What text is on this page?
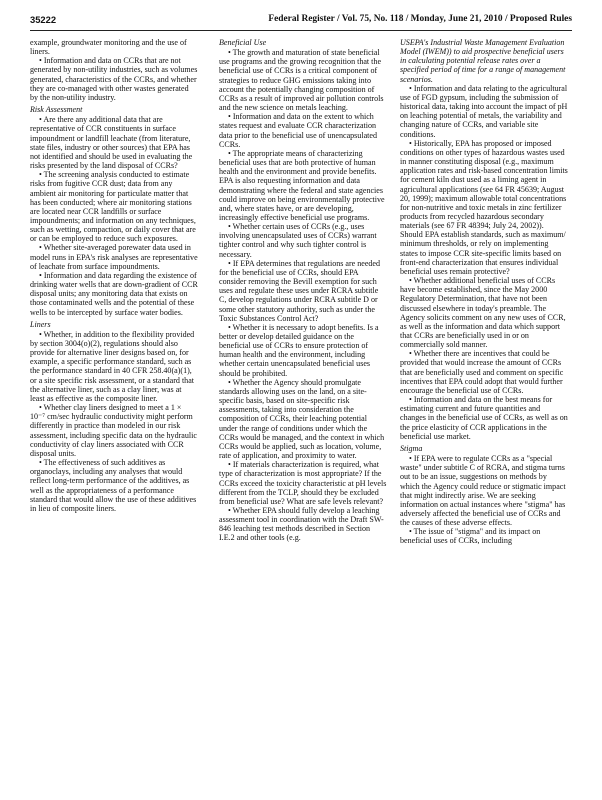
35222	Federal Register / Vol. 75, No. 118 / Monday, June 21, 2010 / Proposed Rules

example, groundwater monitoring and the use of liners.

• Information and data on CCRs that are not generated by non-utility industries, such as volumes generated, characteristics of the CCRs, and whether they are co-managed with other wastes generated by the non-utility industry.

Risk Assessment

• Are there any additional data that are representative of CCR constituents in surface impoundment or landfill leachate (from literature, state files, industry or other sources) that EPA has not identified and should be used in evaluating the risks presented by the land disposal of CCRs?

• The screening analysis conducted to estimate risks from fugitive CCR dust; data from any ambient air monitoring for particulate matter that has been conducted; where air monitoring stations are located near CCR landfills or surface impoundments; and information on any techniques, such as wetting, compaction, or daily cover that are or can be employed to reduce such exposures.

• Whether site-averaged porewater data used in model runs in EPA's risk analyses are representative of leachate from surface impoundments.

• Information and data regarding the existence of drinking water wells that are down-gradient of CCR disposal units; any monitoring data that exists on those contaminated wells and the potential of these wells to be intercepted by surface water bodies.

Liners

• Whether, in addition to the flexibility provided by section 3004(o)(2), regulations should also provide for alternative liner designs based on, for example, a specific performance standard, such as the performance standard in 40 CFR 258.40(a)(1), or a site specific risk assessment, or a standard that the alternative liner, such as a clay liner, was at least as effective as the composite liner.

• Whether clay liners designed to meet a 1 × 10⁻⁷ cm/sec hydraulic conductivity might perform differently in practice than modeled in our risk assessment, including specific data on the hydraulic conductivity of clay liners associated with CCR disposal units.

• The effectiveness of such additives as organoclays, including any analyses that would reflect long-term performance of the additives, as well as the appropriateness of a performance standard that would allow the use of these additives in lieu of composite liners.

Beneficial Use

• The growth and maturation of state beneficial use programs and the growing recognition that the beneficial use of CCRs is a critical component of strategies to reduce GHG emissions taking into account the potentially changing composition of CCRs as a result of improved air pollution controls and the new science on metals leaching.

• Information and data on the extent to which states request and evaluate CCR characterization data prior to the beneficial use of unencapsulated CCRs.

• The appropriate means of characterizing beneficial uses that are both protective of human health and the environment and provide benefits. EPA is also requesting information and data demonstrating where the federal and state agencies could improve on being environmentally protective and, where states have, or are developing, increasingly effective beneficial use programs.

• Whether certain uses of CCRs (e.g., uses involving unencapsulated uses of CCRs) warrant tighter control and why such tighter control is necessary.

• If EPA determines that regulations are needed for the beneficial use of CCRs, should EPA consider removing the Bevill exemption for such uses and regulate these uses under RCRA subtitle C, develop regulations under RCRA subtitle D or some other statutory authority, such as under the Toxic Substances Control Act?

• Whether it is necessary to adopt benefits. Is a better or develop detailed guidance on the beneficial use of CCRs to ensure protection of human health and the environment, including whether certain unencapsulated beneficial uses should be prohibited.

• Whether the Agency should promulgate standards allowing uses on the land, on a site-specific basis, based on site-specific risk assessments, taking into consideration the composition of CCRs, their leaching potential under the range of conditions under which the CCRs would be managed, and the context in which CCRs would be applied, such as location, volume, rate of application, and proximity to water.

• If materials characterization is required, what type of characterization is most appropriate? If the CCRs exceed the toxicity characteristic at pH levels different from the TCLP, should they be excluded from beneficial use? What are safe levels relevant?

• Whether EPA should fully develop a leaching assessment tool in coordination with the Draft SW-846 leaching test methods described in Section I.E.2 and other tools (e.g.

USEPA's Industrial Waste Management Evaluation Model (IWEM)) to aid prospective beneficial users in calculating potential release rates over a specified period of time for a range of management scenarios.

• Information and data relating to the agricultural use of FGD gypsum, including the submission of historical data, taking into account the impact of pH on leaching potential of metals, the variability and changing nature of CCRs, and variable site conditions.

• Historically, EPA has proposed or imposed conditions on other types of hazardous wastes used in manner constituting disposal (e.g., maximum application rates and risk-based concentration limits for cement kiln dust used as a liming agent in agricultural applications (see 64 FR 45639; August 20, 1999); maximum allowable total concentrations for non-nutritive and toxic metals in zinc fertilizer products from recycled hazardous secondary materials (see 67 FR 48394; July 24, 2002)). Should EPA establish standards, such as maximum/ minimum thresholds, or rely on implementing states to impose CCR site-specific limits based on front-end characterization that ensures individual beneficial uses remain protective?

• Whether additional beneficial uses of CCRs have become established, since the May 2000 Regulatory Determination, that have not been discussed elsewhere in today's preamble. The Agency solicits comment on any new uses of CCR, as well as the information and data which support that CCRs are beneficially used in or on commercially sold manner.

• Whether there are incentives that could be provided that would increase the amount of CCRs that are beneficially used and comment on specific incentives that EPA could adopt that would further encourage the beneficial use of CCRs.

• Information and data on the best means for estimating current and future quantities and changes in the beneficial use of CCRs, as well as on the price elasticity of CCR applications in the beneficial use market.

Stigma

• If EPA were to regulate CCRs as a "special waste" under subtitle C of RCRA, and stigma turns out to be an issue, suggestions on methods by which the Agency could reduce or stigmatic impact that might indirectly arise. We are seeking information on actual instances where "stigma" has adversely affected the beneficial use of CCRs and the causes of these adverse effects.

• The issue of "stigma" and its impact on beneficial uses of CCRs, including
